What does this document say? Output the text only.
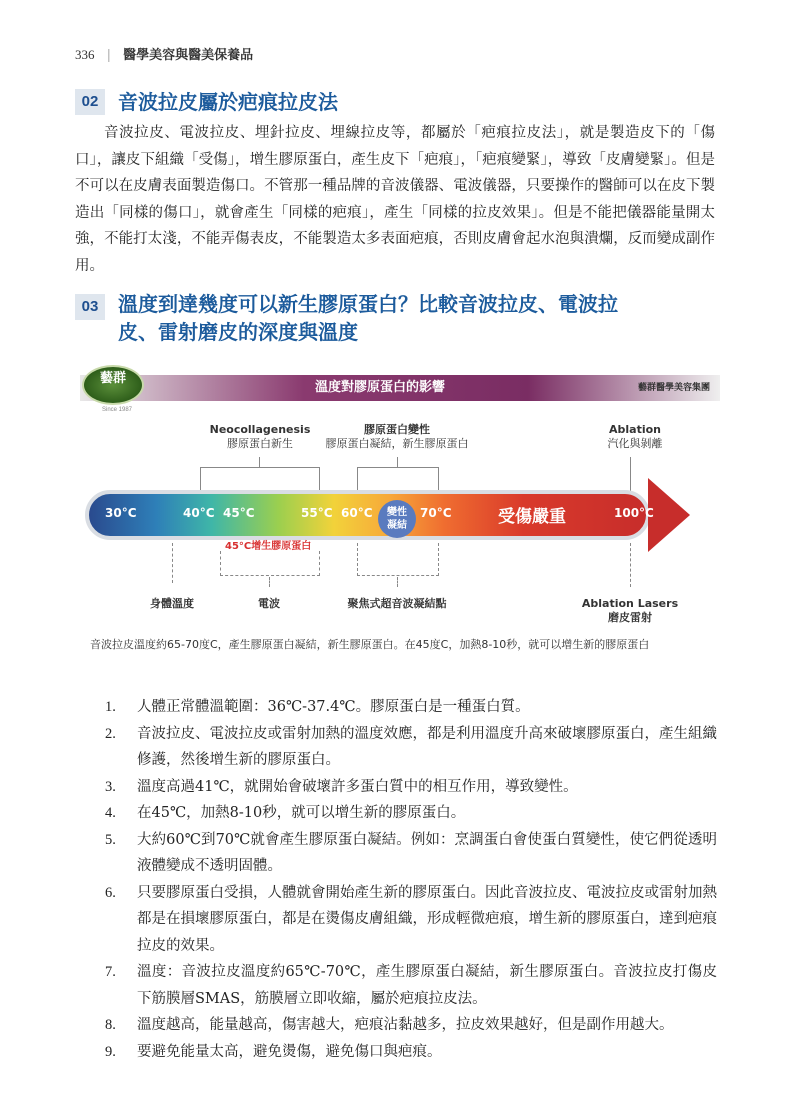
336 | 醫學美容與醫美保養品
02 音波拉皮屬於疤痕拉皮法

音波拉皮、電波拉皮、埋針拉皮、埋線拉皮等，都屬於「疤痕拉皮法」，就是製造皮下的「傷口」，讓皮下組織「受傷」，增生膠原蛋白，產生皮下「疤痕」，「疤痕變緊」，導致「皮膚變緊」。但是不可以在皮膚表面製造傷口。不管那一種品牌的音波儀器、電波儀器，只要操作的醫師可以在皮下製造出「同樣的傷口」，就會產生「同樣的疤痕」，產生「同樣的拉皮效果」。但是不能把儀器能量開太強，不能打太淺，不能弄傷表皮，不能製造太多表面疤痕，否則皮膚會起水泡與潰爛，反而變成副作用。

03 溫度到達幾度可以新生膠原蛋白？比較音波拉皮、電波拉
皮、雷射磨皮的深度與溫度
溫度對膠原蛋白的影響	藝群醫學美容集團
藝群
Since 1987
Neocollagenesis
膠原蛋白新生
膠原蛋白變性
膠原蛋白凝結，新生膠原蛋白
Ablation
汽化與剝離
30°C	40°C 45°C	55°C 60°C	變性
凝結
70°C	受傷嚴重	100°C
45°C增生膠原蛋白
身體溫度	電波	聚焦式超音波凝結點	Ablation Lasers
磨皮雷射

音波拉皮溫度約65-70度C，產生膠原蛋白凝結，新生膠原蛋白。在45度C，加熱8-10秒，就可以增生新的膠原蛋白

1. 人體正常體溫範圍：36℃-37.4℃。膠原蛋白是一種蛋白質。
2. 音波拉皮、電波拉皮或雷射加熱的溫度效應，都是利用溫度升高來破壞膠原蛋白，產生組織修護，然後增生新的膠原蛋白。
3. 溫度高過41℃，就開始會破壞許多蛋白質中的相互作用，導致變性。
4. 在45℃，加熱8-10秒，就可以增生新的膠原蛋白。
5. 大約60℃到70℃就會產生膠原蛋白凝結。例如：烹調蛋白會使蛋白質變性，使它們從透明液體變成不透明固體。
6. 只要膠原蛋白受損，人體就會開始產生新的膠原蛋白。因此音波拉皮、電波拉皮或雷射加熱都是在損壞膠原蛋白，都是在燙傷皮膚組織，形成輕微疤痕，增生新的膠原蛋白，達到疤痕拉皮的效果。
7. 溫度：音波拉皮溫度約65℃-70℃，產生膠原蛋白凝結，新生膠原蛋白。音波拉皮打傷皮下筋膜層SMAS，筋膜層立即收縮，屬於疤痕拉皮法。
8. 溫度越高，能量越高，傷害越大，疤痕沾黏越多，拉皮效果越好，但是副作用越大。
9. 要避免能量太高，避免燙傷，避免傷口與疤痕。
